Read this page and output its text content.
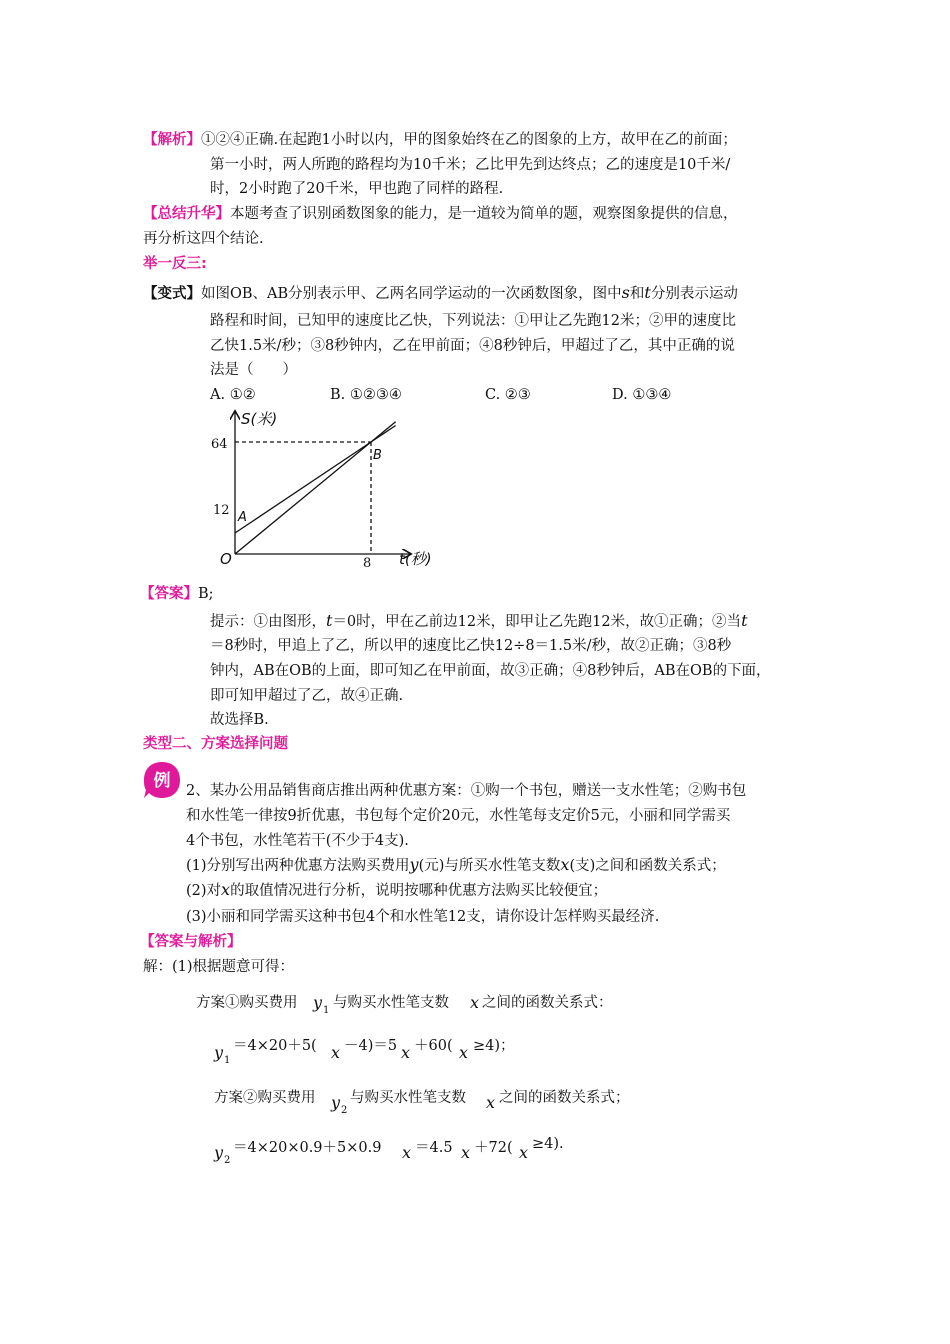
【解析】①②④正确.在起跑1小时以内，甲的图象始终在乙的图象的上方，故甲在乙的前面；
第一小时，两人所跑的路程均为10千米；乙比甲先到达终点；乙的速度是10千米/
时，2小时跑了20千米，甲也跑了同样的路程.
【总结升华】本题考查了识别函数图象的能力，是一道较为简单的题，观察图象提供的信息，
再分析这四个结论.
举一反三:
【变式】如图OB、AB分别表示甲、乙两名同学运动的一次函数图象，图中s和t分别表示运动
路程和时间，已知甲的速度比乙快，下列说法：①甲让乙先跑12米；②甲的速度比
乙快1.5米/秒；③8秒钟内，乙在甲前面；④8秒钟后，甲超过了乙，其中正确的说
法是（　　）
A. ①②	B. ①②③④	C. ②③	D. ①③④
S(米)
t(秒)
O
64
12
8
A
B
【答案】B;
提示：①由图形，t＝0时，甲在乙前边12米，即甲让乙先跑12米，故①正确；②当t
＝8秒时，甲追上了乙，所以甲的速度比乙快12÷8＝1.5米/秒，故②正确；③8秒
钟内，AB在OB的上面，即可知乙在甲前面，故③正确；④8秒钟后，AB在OB的下面，
即可知甲超过了乙，故④正确.
故选择B.
类型二、方案选择问题
例 2、某办公用品销售商店推出两种优惠方案：①购一个书包，赠送一支水性笔；②购书包
和水性笔一律按9折优惠，书包每个定价20元，水性笔每支定价5元，小丽和同学需买
4个书包，水性笔若干(不少于4支).
(1)分别写出两种优惠方法购买费用y(元)与所买水性笔支数x(支)之间和函数关系式；
(2)对x的取值情况进行分析，说明按哪种优惠方法购买比较便宜；
(3)小丽和同学需买这种书包4个和水性笔12支，请你设计怎样购买最经济.
【答案与解析】
解：(1)根据题意可得：
方案①购买费用 y 1 与购买水性笔支数 x 之间的函数关系式：
y 1
＝4×20＋5( x －4)＝5 x ＋60( x ≥4)；
方案②购买费用 y 2
与购买水性笔支数 x 之间的函数关系式；
y 2
＝4×20×0.9＋5×0.9 x ＝4.5 x ＋72( x ≥4).
